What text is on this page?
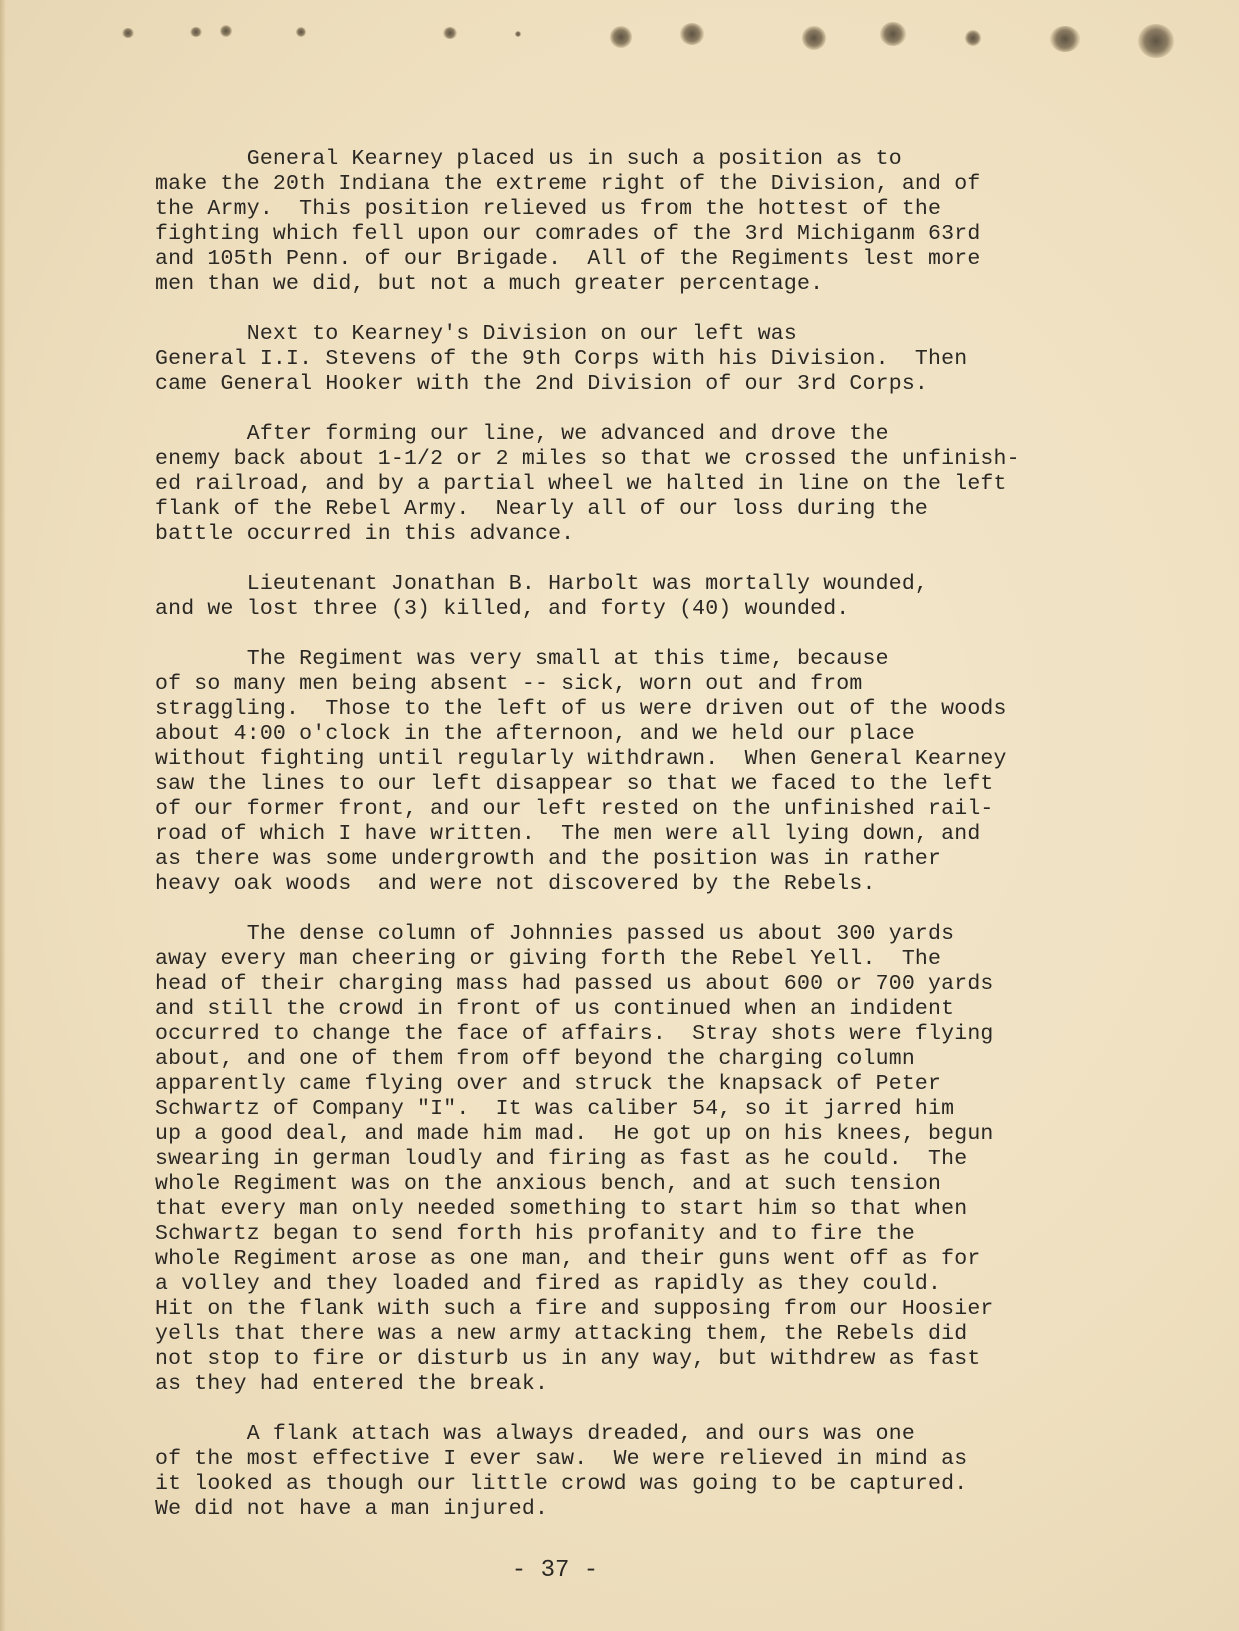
General Kearney placed us in such a position as to
make the 20th Indiana the extreme right of the Division, and of
the Army.  This position relieved us from the hottest of the
fighting which fell upon our comrades of the 3rd Michiganm 63rd
and 105th Penn. of our Brigade.  All of the Regiments lest more
men than we did, but not a much greater percentage.
Next to Kearney's Division on our left was
General I.I. Stevens of the 9th Corps with his Division.  Then
came General Hooker with the 2nd Division of our 3rd Corps.
After forming our line, we advanced and drove the
enemy back about 1-1/2 or 2 miles so that we crossed the unfinish-
ed railroad, and by a partial wheel we halted in line on the left
flank of the Rebel Army.  Nearly all of our loss during the
battle occurred in this advance.
Lieutenant Jonathan B. Harbolt was mortally wounded,
and we lost three (3) killed, and forty (40) wounded.
The Regiment was very small at this time, because
of so many men being absent -- sick, worn out and from
straggling.  Those to the left of us were driven out of the woods
about 4:00 o'clock in the afternoon, and we held our place
without fighting until regularly withdrawn.  When General Kearney
saw the lines to our left disappear so that we faced to the left
of our former front, and our left rested on the unfinished rail-
road of which I have written.  The men were all lying down, and
as there was some undergrowth and the position was in rather
heavy oak woods  and were not discovered by the Rebels.
The dense column of Johnnies passed us about 300 yards
away every man cheering or giving forth the Rebel Yell.  The
head of their charging mass had passed us about 600 or 700 yards
and still the crowd in front of us continued when an indident
occurred to change the face of affairs.  Stray shots were flying
about, and one of them from off beyond the charging column
apparently came flying over and struck the knapsack of Peter
Schwartz of Company "I".  It was caliber 54, so it jarred him
up a good deal, and made him mad.  He got up on his knees, begun
swearing in german loudly and firing as fast as he could.  The
whole Regiment was on the anxious bench, and at such tension
that every man only needed something to start him so that when
Schwartz began to send forth his profanity and to fire the
whole Regiment arose as one man, and their guns went off as for
a volley and they loaded and fired as rapidly as they could.
Hit on the flank with such a fire and supposing from our Hoosier
yells that there was a new army attacking them, the Rebels did
not stop to fire or disturb us in any way, but withdrew as fast
as they had entered the break.
A flank attach was always dreaded, and ours was one
of the most effective I ever saw.  We were relieved in mind as
it looked as though our little crowd was going to be captured.
We did not have a man injured.
- 37 -
